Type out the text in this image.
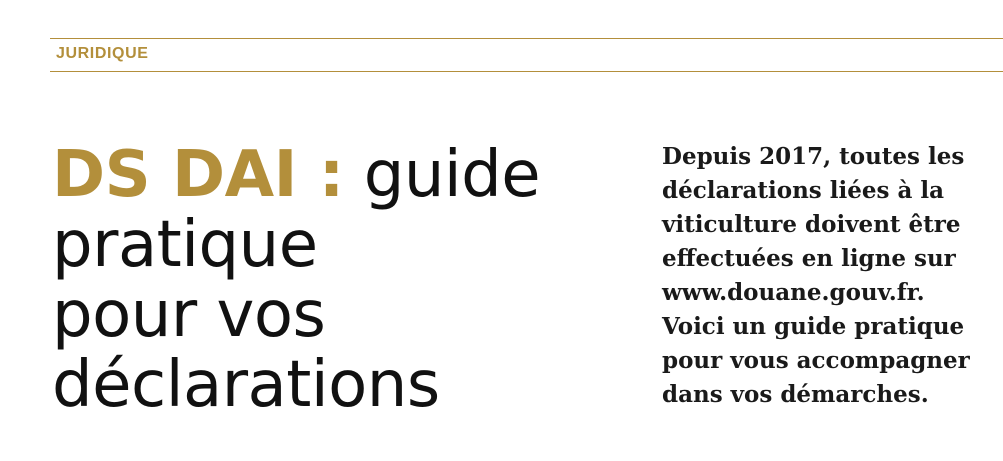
JURIDIQUE
DS DAI : guide
pratique
pour vos
déclarations

Depuis 2017, toutes les
déclarations liées à la
viticulture doivent être
effectuées en ligne sur
www.douane.gouv.fr.
Voici un guide pratique
pour vous accompagner
dans vos démarches.
